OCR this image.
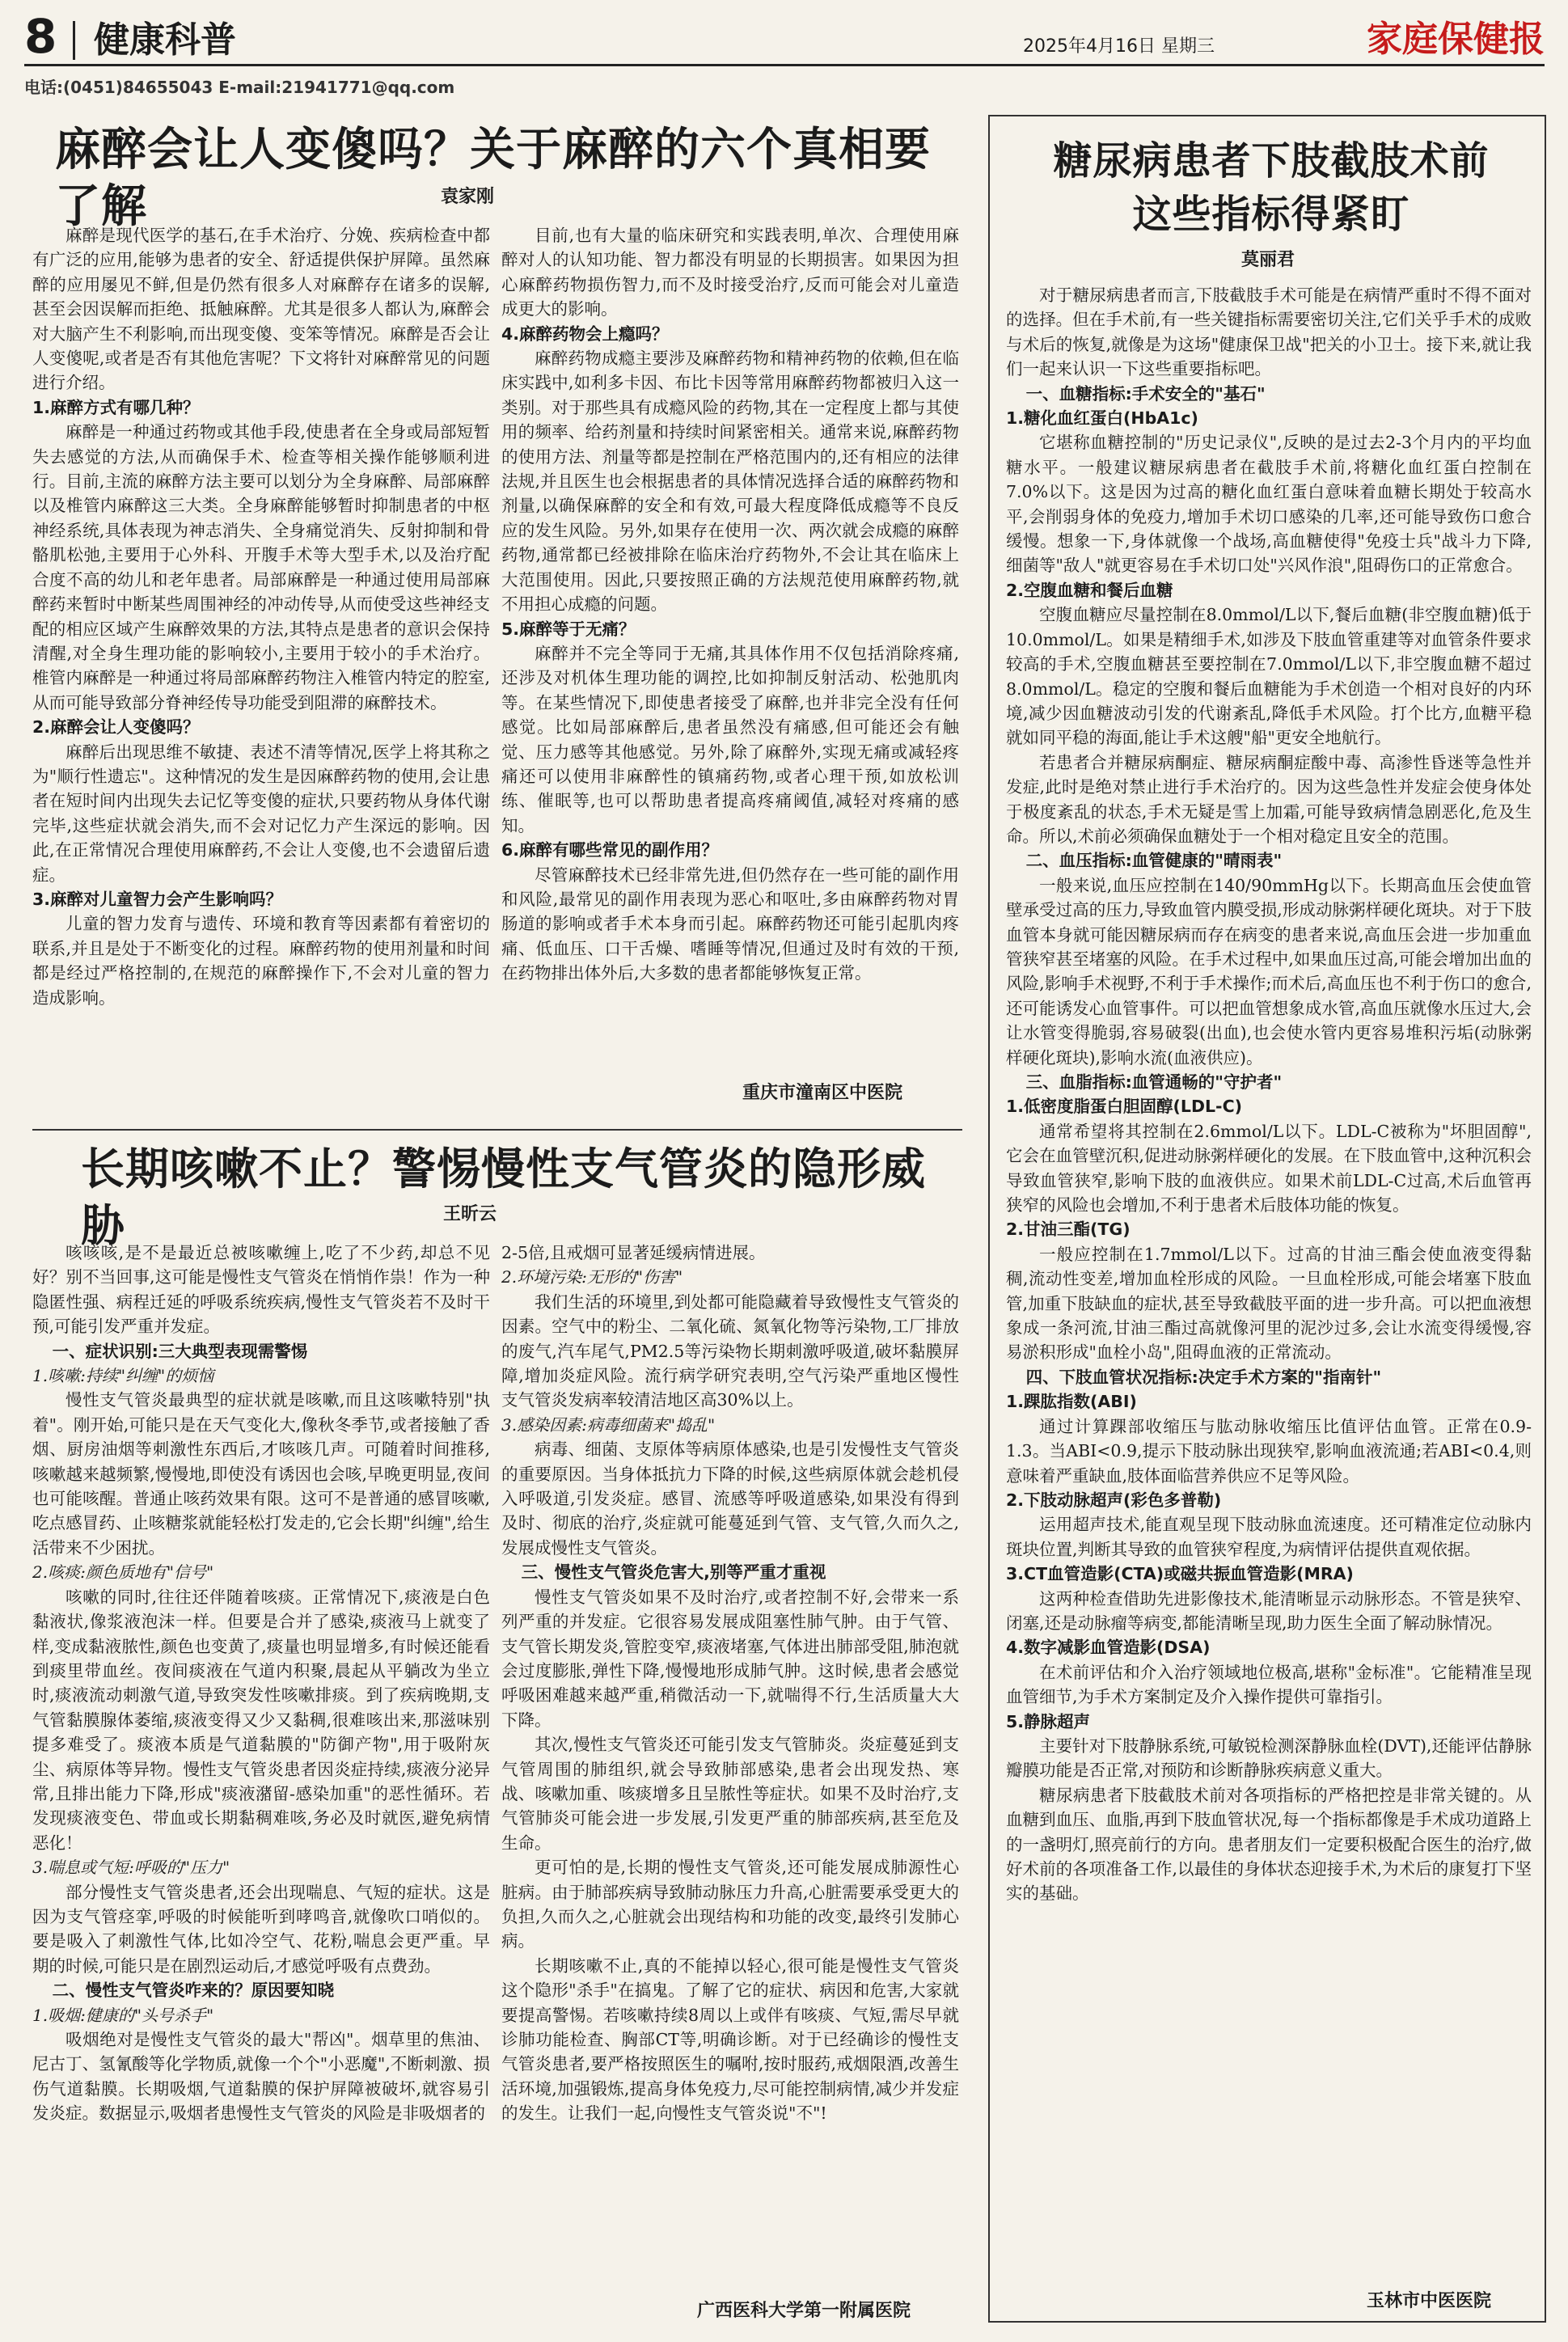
8 健康科普	2025年4月16日 星期三	家庭保健报
电话:(0451)84655043 E-mail:21941771@qq.com
麻醉会让人变傻吗？关于麻醉的六个真相要了解	袁家刚

麻醉是现代医学的基石,在手术治疗、分娩、疾病检查中都有广泛的应用,能够为患者的安全、舒适提供保护屏障。虽然麻醉的应用屡见不鲜,但是仍然有很多人对麻醉存在诸多的误解,甚至会因误解而拒绝、抵触麻醉。尤其是很多人都认为,麻醉会对大脑产生不利影响,而出现变傻、变笨等情况。麻醉是否会让人变傻呢,或者是否有其他危害呢？下文将针对麻醉常见的问题进行介绍。

1.麻醉方式有哪几种？

麻醉是一种通过药物或其他手段,使患者在全身或局部短暂失去感觉的方法,从而确保手术、检查等相关操作能够顺利进行。目前,主流的麻醉方法主要可以划分为全身麻醉、局部麻醉以及椎管内麻醉这三大类。全身麻醉能够暂时抑制患者的中枢神经系统,具体表现为神志消失、全身痛觉消失、反射抑制和骨骼肌松弛,主要用于心外科、开腹手术等大型手术,以及治疗配合度不高的幼儿和老年患者。局部麻醉是一种通过使用局部麻醉药来暂时中断某些周围神经的冲动传导,从而使受这些神经支配的相应区域产生麻醉效果的方法,其特点是患者的意识会保持清醒,对全身生理功能的影响较小,主要用于较小的手术治疗。椎管内麻醉是一种通过将局部麻醉药物注入椎管内特定的腔室,从而可能导致部分脊神经传导功能受到阻滞的麻醉技术。

2.麻醉会让人变傻吗？

麻醉后出现思维不敏捷、表述不清等情况,医学上将其称之为"顺行性遗忘"。这种情况的发生是因麻醉药物的使用,会让患者在短时间内出现失去记忆等变傻的症状,只要药物从身体代谢完毕,这些症状就会消失,而不会对记忆力产生深远的影响。因此,在正常情况合理使用麻醉药,不会让人变傻,也不会遗留后遗症。

3.麻醉对儿童智力会产生影响吗？

儿童的智力发育与遗传、环境和教育等因素都有着密切的联系,并且是处于不断变化的过程。麻醉药物的使用剂量和时间都是经过严格控制的,在规范的麻醉操作下,不会对儿童的智力造成影响。

目前,也有大量的临床研究和实践表明,单次、合理使用麻醉对人的认知功能、智力都没有明显的长期损害。如果因为担心麻醉药物损伤智力,而不及时接受治疗,反而可能会对儿童造成更大的影响。

4.麻醉药物会上瘾吗？

麻醉药物成瘾主要涉及麻醉药物和精神药物的依赖,但在临床实践中,如利多卡因、布比卡因等常用麻醉药物都被归入这一类别。对于那些具有成瘾风险的药物,其在一定程度上都与其使用的频率、给药剂量和持续时间紧密相关。通常来说,麻醉药物的使用方法、剂量等都是控制在严格范围内的,还有相应的法律法规,并且医生也会根据患者的具体情况选择合适的麻醉药物和剂量,以确保麻醉的安全和有效,可最大程度降低成瘾等不良反应的发生风险。另外,如果存在使用一次、两次就会成瘾的麻醉药物,通常都已经被排除在临床治疗药物外,不会让其在临床上大范围使用。因此,只要按照正确的方法规范使用麻醉药物,就不用担心成瘾的问题。

5.麻醉等于无痛？

麻醉并不完全等同于无痛,其具体作用不仅包括消除疼痛,还涉及对机体生理功能的调控,比如抑制反射活动、松弛肌肉等。在某些情况下,即使患者接受了麻醉,也并非完全没有任何感觉。比如局部麻醉后,患者虽然没有痛感,但可能还会有触觉、压力感等其他感觉。另外,除了麻醉外,实现无痛或减轻疼痛还可以使用非麻醉性的镇痛药物,或者心理干预,如放松训练、催眠等,也可以帮助患者提高疼痛阈值,减轻对疼痛的感知。

6.麻醉有哪些常见的副作用？

尽管麻醉技术已经非常先进,但仍然存在一些可能的副作用和风险,最常见的副作用表现为恶心和呕吐,多由麻醉药物对胃肠道的影响或者手术本身而引起。麻醉药物还可能引起肌肉疼痛、低血压、口干舌燥、嗜睡等情况,但通过及时有效的干预,在药物排出体外后,大多数的患者都能够恢复正常。

重庆市潼南区中医院
长期咳嗽不止？警惕慢性支气管炎的隐形威胁	王昕云

咳咳咳,是不是最近总被咳嗽缠上,吃了不少药,却总不见好？别不当回事,这可能是慢性支气管炎在悄悄作祟！作为一种隐匿性强、病程迁延的呼吸系统疾病,慢性支气管炎若不及时干预,可能引发严重并发症。

一、症状识别:三大典型表现需警惕

1.咳嗽:持续"纠缠"的烦恼

慢性支气管炎最典型的症状就是咳嗽,而且这咳嗽特别"执着"。刚开始,可能只是在天气变化大,像秋冬季节,或者接触了香烟、厨房油烟等刺激性东西后,才咳咳几声。可随着时间推移,咳嗽越来越频繁,慢慢地,即使没有诱因也会咳,早晚更明显,夜间也可能咳醒。普通止咳药效果有限。这可不是普通的感冒咳嗽,吃点感冒药、止咳糖浆就能轻松打发走的,它会长期"纠缠",给生活带来不少困扰。

2.咳痰:颜色质地有"信号"

咳嗽的同时,往往还伴随着咳痰。正常情况下,痰液是白色黏液状,像浆液泡沫一样。但要是合并了感染,痰液马上就变了样,变成黏液脓性,颜色也变黄了,痰量也明显增多,有时候还能看到痰里带血丝。夜间痰液在气道内积聚,晨起从平躺改为坐立时,痰液流动刺激气道,导致突发性咳嗽排痰。到了疾病晚期,支气管黏膜腺体萎缩,痰液变得又少又黏稠,很难咳出来,那滋味别提多难受了。痰液本质是气道黏膜的"防御产物",用于吸附灰尘、病原体等异物。慢性支气管炎患者因炎症持续,痰液分泌异常,且排出能力下降,形成"痰液潴留-感染加重"的恶性循环。若发现痰液变色、带血或长期黏稠难咳,务必及时就医,避免病情恶化！

3.喘息或气短:呼吸的"压力"

部分慢性支气管炎患者,还会出现喘息、气短的症状。这是因为支气管痉挛,呼吸的时候能听到哮鸣音,就像吹口哨似的。要是吸入了刺激性气体,比如冷空气、花粉,喘息会更严重。早期的时候,可能只是在剧烈运动后,才感觉呼吸有点费劲。

二、慢性支气管炎咋来的？原因要知晓

1.吸烟:健康的"头号杀手"

吸烟绝对是慢性支气管炎的最大"帮凶"。烟草里的焦油、尼古丁、氢氰酸等化学物质,就像一个个"小恶魔",不断刺激、损伤气道黏膜。长期吸烟,气道黏膜的保护屏障被破坏,就容易引发炎症。数据显示,吸烟者患慢性支气管炎的风险是非吸烟者的

2-5倍,且戒烟可显著延缓病情进展。

2.环境污染:无形的"伤害"

我们生活的环境里,到处都可能隐藏着导致慢性支气管炎的因素。空气中的粉尘、二氧化硫、氮氧化物等污染物,工厂排放的废气,汽车尾气,PM2.5等污染物长期刺激呼吸道,破坏黏膜屏障,增加炎症风险。流行病学研究表明,空气污染严重地区慢性支气管炎发病率较清洁地区高30%以上。

3.感染因素:病毒细菌来"捣乱"

病毒、细菌、支原体等病原体感染,也是引发慢性支气管炎的重要原因。当身体抵抗力下降的时候,这些病原体就会趁机侵入呼吸道,引发炎症。感冒、流感等呼吸道感染,如果没有得到及时、彻底的治疗,炎症就可能蔓延到气管、支气管,久而久之,发展成慢性支气管炎。

三、慢性支气管炎危害大,别等严重才重视

慢性支气管炎如果不及时治疗,或者控制不好,会带来一系列严重的并发症。它很容易发展成阻塞性肺气肿。由于气管、支气管长期发炎,管腔变窄,痰液堵塞,气体进出肺部受阻,肺泡就会过度膨胀,弹性下降,慢慢地形成肺气肿。这时候,患者会感觉呼吸困难越来越严重,稍微活动一下,就喘得不行,生活质量大大下降。

其次,慢性支气管炎还可能引发支气管肺炎。炎症蔓延到支气管周围的肺组织,就会导致肺部感染,患者会出现发热、寒战、咳嗽加重、咳痰增多且呈脓性等症状。如果不及时治疗,支气管肺炎可能会进一步发展,引发更严重的肺部疾病,甚至危及生命。

更可怕的是,长期的慢性支气管炎,还可能发展成肺源性心脏病。由于肺部疾病导致肺动脉压力升高,心脏需要承受更大的负担,久而久之,心脏就会出现结构和功能的改变,最终引发肺心病。

长期咳嗽不止,真的不能掉以轻心,很可能是慢性支气管炎这个隐形"杀手"在搞鬼。了解了它的症状、病因和危害,大家就要提高警惕。若咳嗽持续8周以上或伴有咳痰、气短,需尽早就诊肺功能检查、胸部CT等,明确诊断。对于已经确诊的慢性支气管炎患者,要严格按照医生的嘱咐,按时服药,戒烟限酒,改善生活环境,加强锻炼,提高身体免疫力,尽可能控制病情,减少并发症的发生。让我们一起,向慢性支气管炎说"不"!

广西医科大学第一附属医院
糖尿病患者下肢截肢术前
这些指标得紧盯
莫丽君

对于糖尿病患者而言,下肢截肢手术可能是在病情严重时不得不面对的选择。但在手术前,有一些关键指标需要密切关注,它们关乎手术的成败与术后的恢复,就像是为这场"健康保卫战"把关的小卫士。接下来,就让我们一起来认识一下这些重要指标吧。

一、血糖指标:手术安全的"基石"

1.糖化血红蛋白(HbA1c)

它堪称血糖控制的"历史记录仪",反映的是过去2-3个月内的平均血糖水平。一般建议糖尿病患者在截肢手术前,将糖化血红蛋白控制在7.0%以下。这是因为过高的糖化血红蛋白意味着血糖长期处于较高水平,会削弱身体的免疫力,增加手术切口感染的几率,还可能导致伤口愈合缓慢。想象一下,身体就像一个战场,高血糖使得"免疫士兵"战斗力下降,细菌等"敌人"就更容易在手术切口处"兴风作浪",阻碍伤口的正常愈合。

2.空腹血糖和餐后血糖

空腹血糖应尽量控制在8.0mmol/L以下,餐后血糖(非空腹血糖)低于10.0mmol/L。如果是精细手术,如涉及下肢血管重建等对血管条件要求较高的手术,空腹血糖甚至要控制在7.0mmol/L以下,非空腹血糖不超过8.0mmol/L。稳定的空腹和餐后血糖能为手术创造一个相对良好的内环境,减少因血糖波动引发的代谢紊乱,降低手术风险。打个比方,血糖平稳就如同平稳的海面,能让手术这艘"船"更安全地航行。

若患者合并糖尿病酮症、糖尿病酮症酸中毒、高渗性昏迷等急性并发症,此时是绝对禁止进行手术治疗的。因为这些急性并发症会使身体处于极度紊乱的状态,手术无疑是雪上加霜,可能导致病情急剧恶化,危及生命。所以,术前必须确保血糖处于一个相对稳定且安全的范围。

二、血压指标:血管健康的"晴雨表"

一般来说,血压应控制在140/90mmHg以下。长期高血压会使血管壁承受过高的压力,导致血管内膜受损,形成动脉粥样硬化斑块。对于下肢血管本身就可能因糖尿病而存在病变的患者来说,高血压会进一步加重血管狭窄甚至堵塞的风险。在手术过程中,如果血压过高,可能会增加出血的风险,影响手术视野,不利于手术操作;而术后,高血压也不利于伤口的愈合,还可能诱发心血管事件。可以把血管想象成水管,高血压就像水压过大,会让水管变得脆弱,容易破裂(出血),也会使水管内更容易堆积污垢(动脉粥样硬化斑块),影响水流(血液供应)。

三、血脂指标:血管通畅的"守护者"

1.低密度脂蛋白胆固醇(LDL-C)

通常希望将其控制在2.6mmol/L以下。LDL-C被称为"坏胆固醇",它会在血管壁沉积,促进动脉粥样硬化的发展。在下肢血管中,这种沉积会导致血管狭窄,影响下肢的血液供应。如果术前LDL-C过高,术后血管再狭窄的风险也会增加,不利于患者术后肢体功能的恢复。

2.甘油三酯(TG)

一般应控制在1.7mmol/L以下。过高的甘油三酯会使血液变得黏稠,流动性变差,增加血栓形成的风险。一旦血栓形成,可能会堵塞下肢血管,加重下肢缺血的症状,甚至导致截肢平面的进一步升高。可以把血液想象成一条河流,甘油三酯过高就像河里的泥沙过多,会让水流变得缓慢,容易淤积形成"血栓小岛",阻碍血液的正常流动。

四、下肢血管状况指标:决定手术方案的"指南针"

1.踝肱指数(ABI)

通过计算踝部收缩压与肱动脉收缩压比值评估血管。正常在0.9-1.3。当ABI<0.9,提示下肢动脉出现狭窄,影响血液流通;若ABI<0.4,则意味着严重缺血,肢体面临营养供应不足等风险。

2.下肢动脉超声(彩色多普勒)

运用超声技术,能直观呈现下肢动脉血流速度。还可精准定位动脉内斑块位置,判断其导致的血管狭窄程度,为病情评估提供直观依据。

3.CT血管造影(CTA)或磁共振血管造影(MRA)

这两种检查借助先进影像技术,能清晰显示动脉形态。不管是狭窄、闭塞,还是动脉瘤等病变,都能清晰呈现,助力医生全面了解动脉情况。

4.数字减影血管造影(DSA)

在术前评估和介入治疗领域地位极高,堪称"金标准"。它能精准呈现血管细节,为手术方案制定及介入操作提供可靠指引。

5.静脉超声

主要针对下肢静脉系统,可敏锐检测深静脉血栓(DVT),还能评估静脉瓣膜功能是否正常,对预防和诊断静脉疾病意义重大。

糖尿病患者下肢截肢术前对各项指标的严格把控是非常关键的。从血糖到血压、血脂,再到下肢血管状况,每一个指标都像是手术成功道路上的一盏明灯,照亮前行的方向。患者朋友们一定要积极配合医生的治疗,做好术前的各项准备工作,以最佳的身体状态迎接手术,为术后的康复打下坚实的基础。

玉林市中医医院
